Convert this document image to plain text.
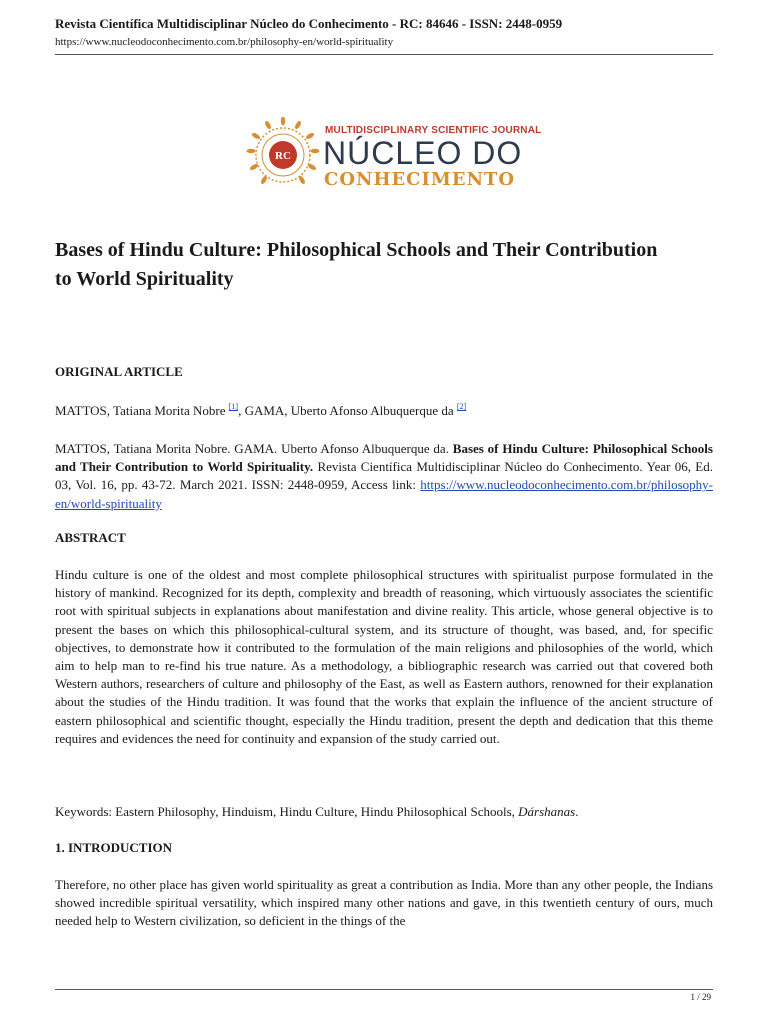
Revista Científica Multidisciplinar Núcleo do Conhecimento - RC: 84646 - ISSN: 2448-0959
https://www.nucleodoconhecimento.com.br/philosophy-en/world-spirituality
RC
MULTIDISCIPLINARY SCIENTIFIC JOURNAL
NÚCLEO DO
CONHECIMENTO
Bases of Hindu Culture: Philosophical Schools and Their Contribution to World Spirituality
ORIGINAL ARTICLE
MATTOS, Tatiana Morita Nobre [1], GAMA, Uberto Afonso Albuquerque da [2]
MATTOS, Tatiana Morita Nobre. GAMA. Uberto Afonso Albuquerque da. Bases of Hindu Culture: Philosophical Schools and Their Contribution to World Spirituality. Revista Científica Multidisciplinar Núcleo do Conhecimento. Year 06, Ed. 03, Vol. 16, pp. 43-72. March 2021. ISSN: 2448-0959, Access link: https://www.nucleodoconhecimento.com.br/philosophy-en/world-spirituality
ABSTRACT
Hindu culture is one of the oldest and most complete philosophical structures with spiritualist purpose formulated in the history of mankind. Recognized for its depth, complexity and breadth of reasoning, which virtuously associates the scientific root with spiritual subjects in explanations about manifestation and divine reality. This article, whose general objective is to present the bases on which this philosophical-cultural system, and its structure of thought, was based, and, for specific objectives, to demonstrate how it contributed to the formulation of the main religions and philosophies of the world, which aim to help man to re-find his true nature. As a methodology, a bibliographic research was carried out that covered both Western authors, researchers of culture and philosophy of the East, as well as Eastern authors, renowned for their explanation about the studies of the Hindu tradition. It was found that the works that explain the influence of the ancient structure of eastern philosophical and scientific thought, especially the Hindu tradition, present the depth and dedication that this theme requires and evidences the need for continuity and expansion of the study carried out.
Keywords: Eastern Philosophy, Hinduism, Hindu Culture, Hindu Philosophical Schools, Dárshanas.
1. INTRODUCTION
Therefore, no other place has given world spirituality as great a contribution as India. More than any other people, the Indians showed incredible spiritual versatility, which inspired many other nations and gave, in this twentieth century of ours, much needed help to Western civilization, so deficient in the things of the
1 / 29
